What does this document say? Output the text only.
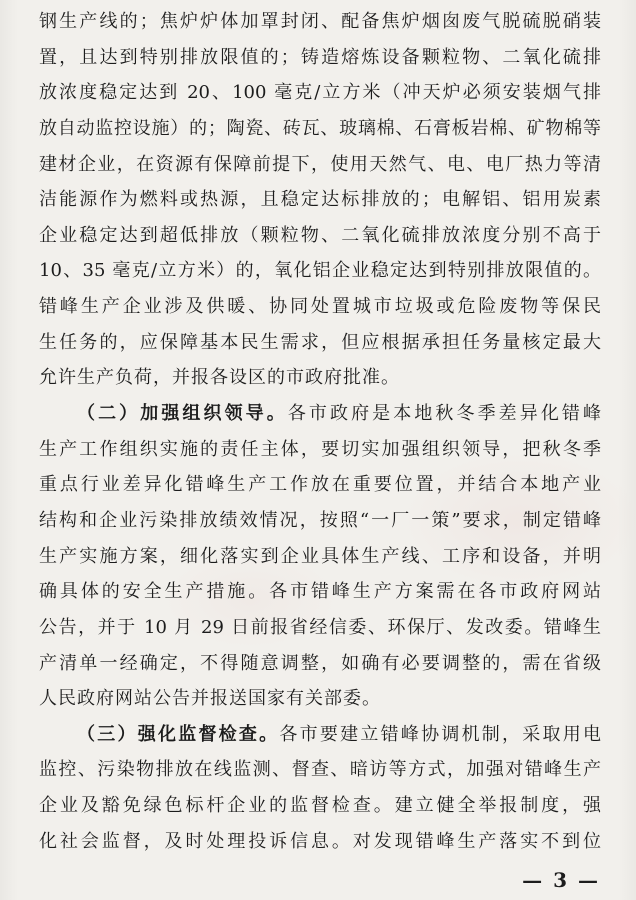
钢生产线的；焦炉炉体加罩封闭、配备焦炉烟囱废气脱硫脱硝装
置，且达到特别排放限值的；铸造熔炼设备颗粒物、二氧化硫排
放浓度稳定达到 20、100 毫克/立方米（冲天炉必须安装烟气排
放自动监控设施）的；陶瓷、砖瓦、玻璃棉、石膏板岩棉、矿物棉等
建材企业，在资源有保障前提下，使用天然气、电、电厂热力等清
洁能源作为燃料或热源，且稳定达标排放的；电解铝、铝用炭素
企业稳定达到超低排放（颗粒物、二氧化硫排放浓度分别不高于
10、35 毫克/立方米）的，氧化铝企业稳定达到特别排放限值的。
错峰生产企业涉及供暖、协同处置城市垃圾或危险废物等保民
生任务的，应保障基本民生需求，但应根据承担任务量核定最大
允许生产负荷，并报各设区的市政府批准。
（二）加强组织领导。各市政府是本地秋冬季差异化错峰
生产工作组织实施的责任主体，要切实加强组织领导，把秋冬季
重点行业差异化错峰生产工作放在重要位置，并结合本地产业
结构和企业污染排放绩效情况，按照“一厂一策”要求，制定错峰
生产实施方案，细化落实到企业具体生产线、工序和设备，并明
确具体的安全生产措施。各市错峰生产方案需在各市政府网站
公告，并于 10 月 29 日前报省经信委、环保厅、发改委。错峰生
产清单一经确定，不得随意调整，如确有必要调整的，需在省级
人民政府网站公告并报送国家有关部委。
（三）强化监督检查。各市要建立错峰协调机制，采取用电
监控、污染物排放在线监测、督查、暗访等方式，加强对错峰生产
企业及豁免绿色标杆企业的监督检查。建立健全举报制度，强
化社会监督，及时处理投诉信息。对发现错峰生产落实不到位
— 3 —
